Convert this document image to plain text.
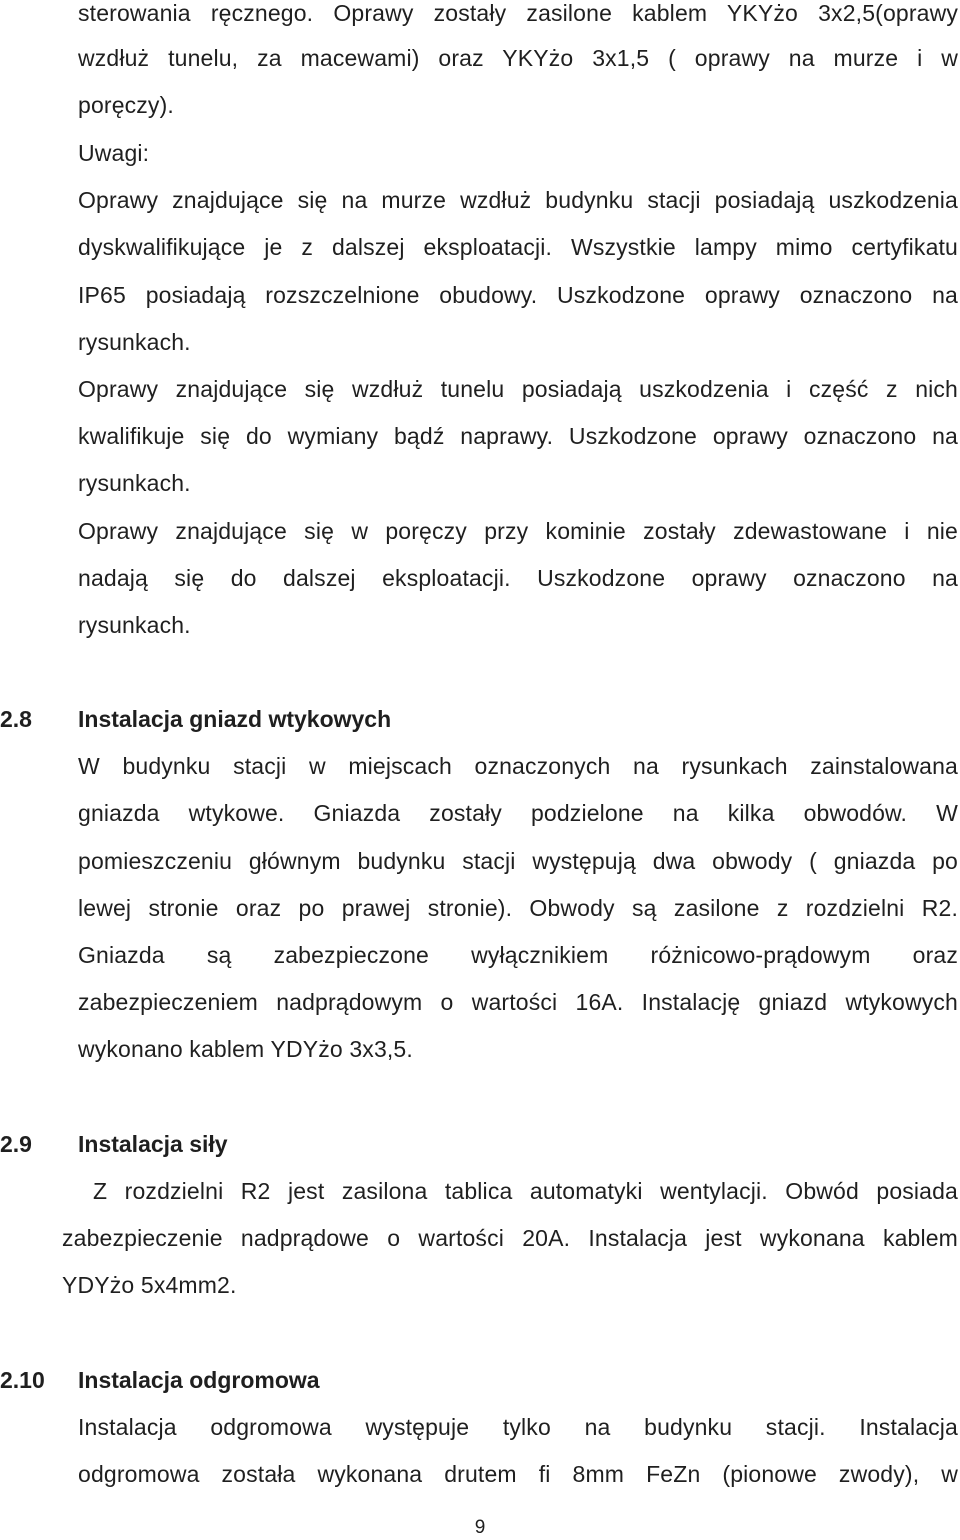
sterowania ręcznego. Oprawy zostały zasilone kablem YKYżo 3x2,5(oprawy
wzdłuż tunelu, za macewami) oraz YKYżo 3x1,5 ( oprawy na murze i w
poręczy).
Uwagi:
Oprawy znajdujące się na murze wzdłuż budynku stacji posiadają uszkodzenia
dyskwalifikujące je z dalszej eksploatacji. Wszystkie lampy mimo certyfikatu
IP65 posiadają rozszczelnione obudowy. Uszkodzone oprawy oznaczono na
rysunkach.
Oprawy znajdujące się wzdłuż tunelu posiadają uszkodzenia i część z nich
kwalifikuje się do wymiany bądź naprawy. Uszkodzone oprawy oznaczono na
rysunkach.
Oprawy znajdujące się w poręczy przy kominie zostały zdewastowane i nie
nadają się do dalszej eksploatacji. Uszkodzone oprawy oznaczono na
rysunkach.
2.8 Instalacja gniazd wtykowych
W budynku stacji w miejscach oznaczonych na rysunkach zainstalowana
gniazda wtykowe. Gniazda zostały podzielone na kilka obwodów. W
pomieszczeniu głównym budynku stacji występują dwa obwody ( gniazda po
lewej stronie oraz po prawej stronie). Obwody są zasilone z rozdzielni R2.
Gniazda są zabezpieczone wyłącznikiem różnicowo-prądowym oraz
zabezpieczeniem nadprądowym o wartości 16A. Instalację gniazd wtykowych
wykonano kablem YDYżo 3x3,5.
2.9 Instalacja siły
Z rozdzielni R2 jest zasilona tablica automatyki wentylacji. Obwód posiada
zabezpieczenie nadprądowe o wartości 20A. Instalacja jest wykonana kablem
YDYżo 5x4mm2.
2.10 Instalacja odgromowa
Instalacja odgromowa występuje tylko na budynku stacji. Instalacja
odgromowa została wykonana drutem fi 8mm FeZn (pionowe zwody), w
9
